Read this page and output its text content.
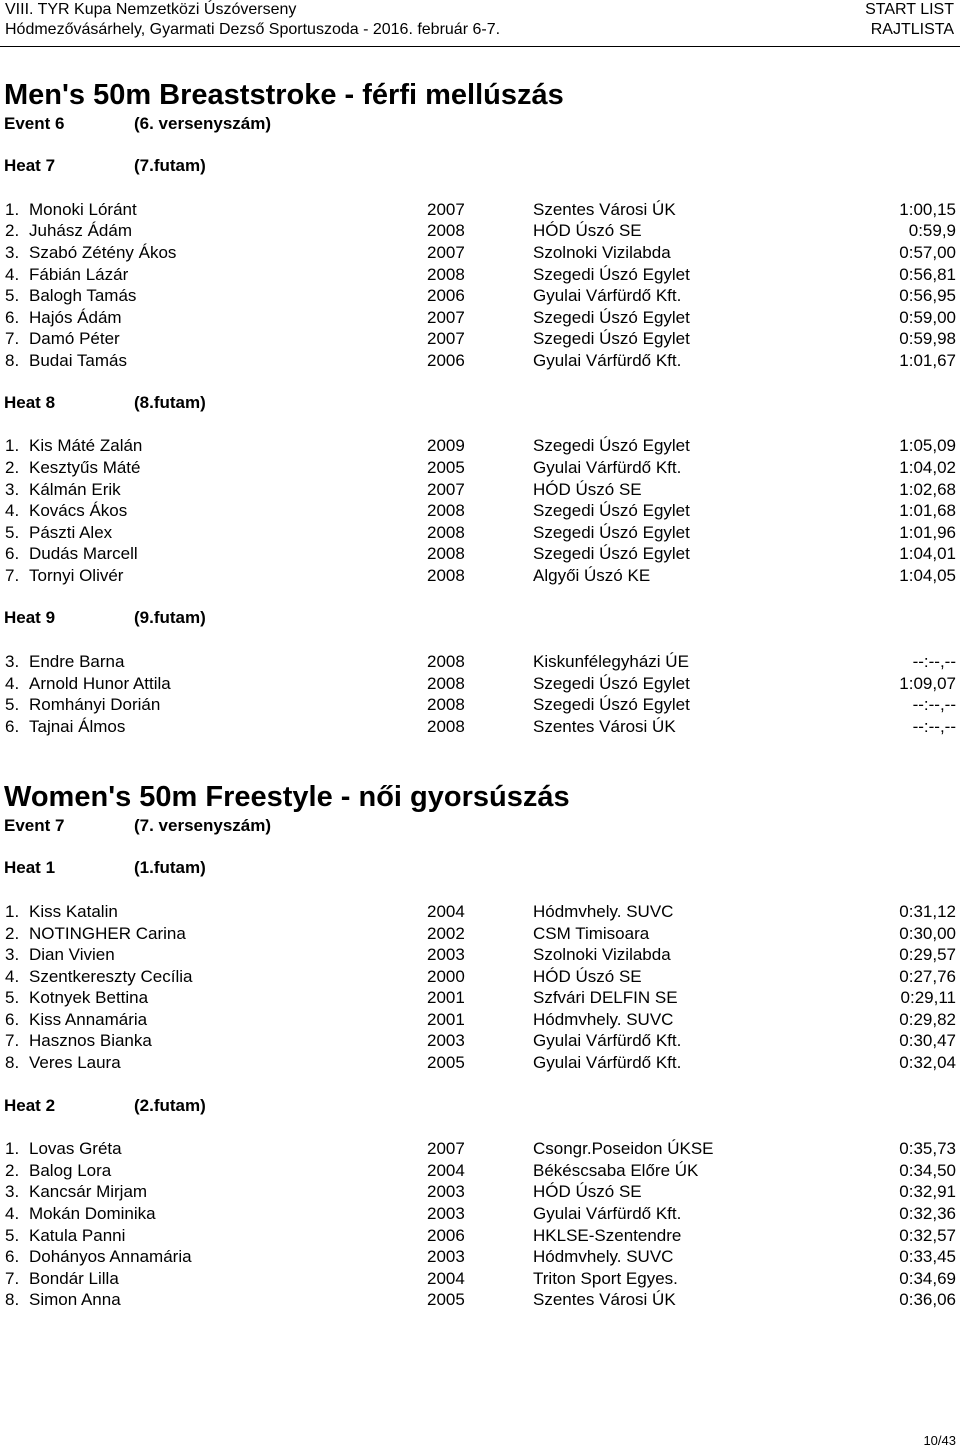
VIII. TYR Kupa Nemzetközi Úszóverseny
Hódmezővásárhely, Gyarmati Dezső Sportuszoda - 2016. február 6-7.
START LIST
RAJTLISTA
Men's 50m Breaststroke - férfi mellúszás
Event 6	(6. versenyszám)
Heat 7	(7.futam)
1. Monoki Lóránt	2007	Szentes Városi ÚK	1:00,15
2. Juhász Ádám	2008	HÓD Úszó SE	0:59,9
3. Szabó Zétény Ákos	2007	Szolnoki Vizilabda	0:57,00
4. Fábián Lázár	2008	Szegedi Úszó Egylet	0:56,81
5. Balogh Tamás	2006	Gyulai Várfürdő Kft.	0:56,95
6. Hajós Ádám	2007	Szegedi Úszó Egylet	0:59,00
7. Damó Péter	2007	Szegedi Úszó Egylet	0:59,98
8. Budai Tamás	2006	Gyulai Várfürdő Kft.	1:01,67
Heat 8	(8.futam)
1. Kis Máté Zalán	2009	Szegedi Úszó Egylet	1:05,09
2. Kesztyűs Máté	2005	Gyulai Várfürdő Kft.	1:04,02
3. Kálmán Erik	2007	HÓD Úszó SE	1:02,68
4. Kovács Ákos	2008	Szegedi Úszó Egylet	1:01,68
5. Pászti Alex	2008	Szegedi Úszó Egylet	1:01,96
6. Dudás Marcell	2008	Szegedi Úszó Egylet	1:04,01
7. Tornyi Olivér	2008	Algyői Úszó KE	1:04,05
Heat 9	(9.futam)
3. Endre Barna	2008	Kiskunfélegyházi ÚE	--:--,--
4. Arnold Hunor Attila	2008	Szegedi Úszó Egylet	1:09,07
5. Romhányi Dorián	2008	Szegedi Úszó Egylet	--:--,--
6. Tajnai Álmos	2008	Szentes Városi ÚK	--:--,--
Women's 50m Freestyle - női gyorsúszás
Event 7	(7. versenyszám)
Heat 1	(1.futam)
1. Kiss Katalin	2004	Hódmvhely. SUVC	0:31,12
2. NOTINGHER Carina	2002	CSM Timisoara	0:30,00
3. Dian Vivien	2003	Szolnoki Vizilabda	0:29,57
4. Szentkereszty Cecília	2000	HÓD Úszó SE	0:27,76
5. Kotnyek Bettina	2001	Szfvári DELFIN SE	0:29,11
6. Kiss Annamária	2001	Hódmvhely. SUVC	0:29,82
7. Hasznos Bianka	2003	Gyulai Várfürdő Kft.	0:30,47
8. Veres Laura	2005	Gyulai Várfürdő Kft.	0:32,04
Heat 2	(2.futam)
1. Lovas Gréta	2007	Csongr.Poseidon ÚKSE	0:35,73
2. Balog Lora	2004	Békéscsaba Előre ÚK	0:34,50
3. Kancsár Mirjam	2003	HÓD Úszó SE	0:32,91
4. Mokán Dominika	2003	Gyulai Várfürdő Kft.	0:32,36
5. Katula Panni	2006	HKLSE-Szentendre	0:32,57
6. Dohányos Annamária	2003	Hódmvhely. SUVC	0:33,45
7. Bondár Lilla	2004	Triton Sport Egyes.	0:34,69
8. Simon Anna	2005	Szentes Városi ÚK	0:36,06
10/43
